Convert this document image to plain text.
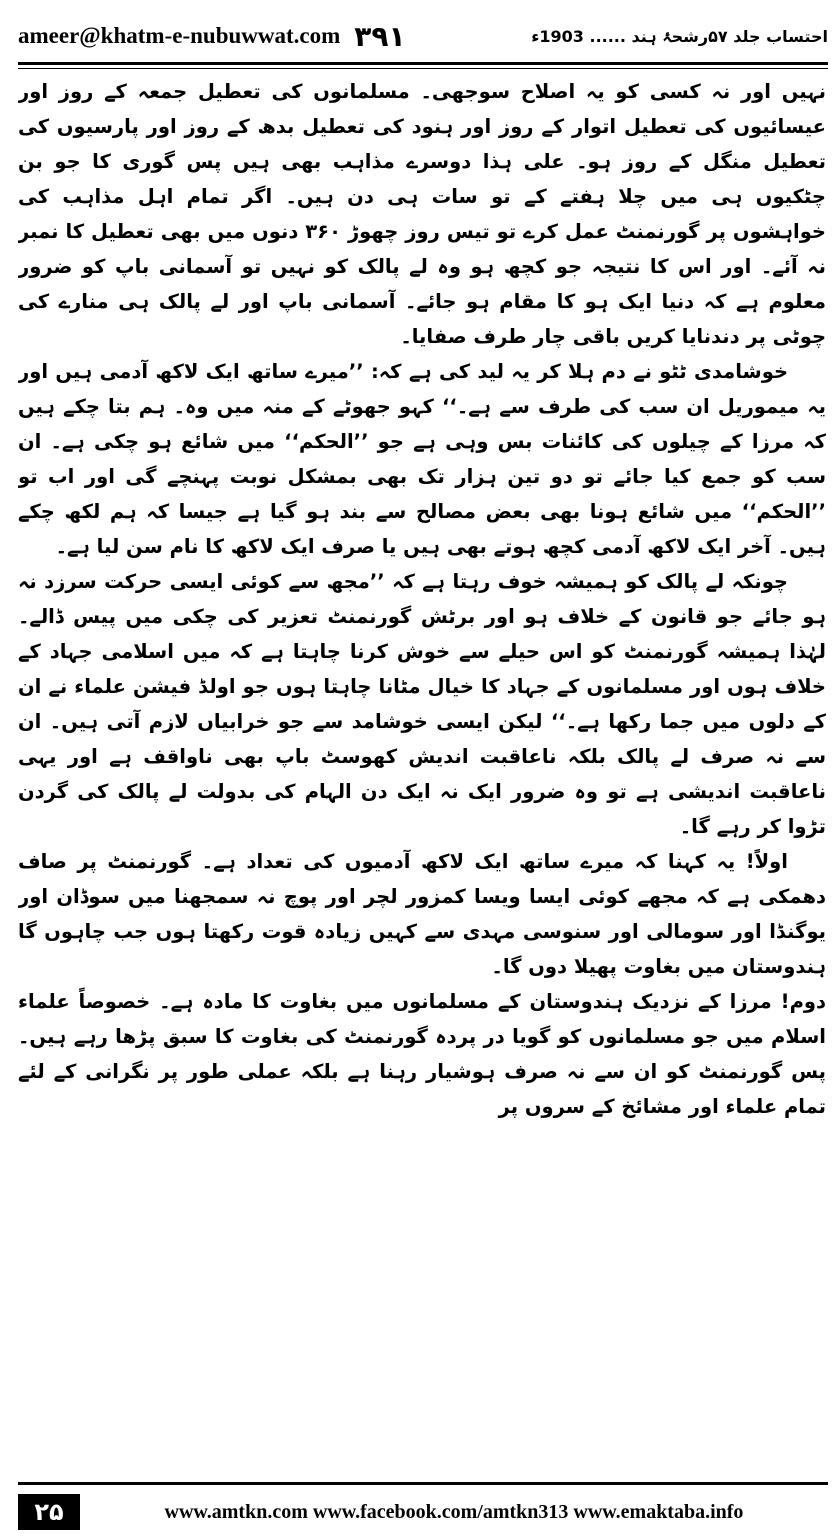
ameer@khatm-e-nubuwwat.com ۳۹۱	احتساب جلد ۵۷رشحۂ ہند ...... 1903ء

نہیں اور نہ کسی کو یہ اصلاح سوجھی۔ مسلمانوں کی تعطیل جمعہ کے روز اور عیسائیوں کی تعطیل اتوار کے روز اور ہنود کی تعطیل بدھ کے روز اور پارسیوں کی تعطیل منگل کے روز ہو۔ علی ہذا دوسرے مذاہب بھی ہیں پس گوری کا جو بن چٹکیوں ہی میں چلا ہفتے کے تو سات ہی دن ہیں۔ اگر تمام اہل مذاہب کی خواہشوں پر گورنمنٹ عمل کرے تو تیس روز چھوڑ ۳۶۰ دنوں میں بھی تعطیل کا نمبر نہ آئے۔ اور اس کا نتیجہ جو کچھ ہو وہ لے پالک کو نہیں تو آسمانی باپ کو ضرور معلوم ہے کہ دنیا ایک ہو کا مقام ہو جائے۔ آسمانی باپ اور لے پالک ہی منارے کی چوٹی پر دندنایا کریں باقی چار طرف صفایا۔

خوشامدی ٹٹو نے دم ہلا کر یہ لید کی ہے کہ: ’’میرے ساتھ ایک لاکھ آدمی ہیں اور یہ میموریل ان سب کی طرف سے ہے۔‘‘ کہو جھوٹے کے منہ میں وہ۔ ہم بتا چکے ہیں کہ مرزا کے چیلوں کی کائنات بس وہی ہے جو ’’الحکم‘‘ میں شائع ہو چکی ہے۔ ان سب کو جمع کیا جائے تو دو تین ہزار تک بھی بمشکل نوبت پہنچے گی اور اب تو ’’الحکم‘‘ میں شائع ہونا بھی بعض مصالح سے بند ہو گیا ہے جیسا کہ ہم لکھ چکے ہیں۔ آخر ایک لاکھ آدمی کچھ ہوتے بھی ہیں یا صرف ایک لاکھ کا نام سن لیا ہے۔

چونکہ لے پالک کو ہمیشہ خوف رہتا ہے کہ ’’مجھ سے کوئی ایسی حرکت سرزد نہ ہو جائے جو قانون کے خلاف ہو اور برٹش گورنمنٹ تعزیر کی چکی میں پیس ڈالے۔ لہٰذا ہمیشہ گورنمنٹ کو اس حیلے سے خوش کرنا چاہتا ہے کہ میں اسلامی جہاد کے خلاف ہوں اور مسلمانوں کے جہاد کا خیال مٹانا چاہتا ہوں جو اولڈ فیشن علماء نے ان کے دلوں میں جما رکھا ہے۔‘‘ لیکن ایسی خوشامد سے جو خرابیاں لازم آتی ہیں۔ ان سے نہ صرف لے پالک بلکہ ناعاقبت اندیش کھوسٹ باپ بھی ناواقف ہے اور یہی ناعاقبت اندیشی ہے تو وہ ضرور ایک نہ ایک دن الہام کی بدولت لے پالک کی گردن تڑوا کر رہے گا۔

اولاً! یہ کہنا کہ میرے ساتھ ایک لاکھ آدمیوں کی تعداد ہے۔ گورنمنٹ پر صاف دھمکی ہے کہ مجھے کوئی ایسا ویسا کمزور لچر اور پوچ نہ سمجھنا میں سوڈان اور یوگنڈا اور سومالی اور سنوسی مہدی سے کہیں زیادہ قوت رکھتا ہوں جب چاہوں گا ہندوستان میں بغاوت پھیلا دوں گا۔

دوم! مرزا کے نزدیک ہندوستان کے مسلمانوں میں بغاوت کا مادہ ہے۔ خصوصاً علماء اسلام میں جو مسلمانوں کو گویا در پردہ گورنمنٹ کی بغاوت کا سبق پڑھا رہے ہیں۔ پس گورنمنٹ کو ان سے نہ صرف ہوشیار رہنا ہے بلکہ عملی طور پر نگرانی کے لئے تمام علماء اور مشائخ کے سروں پر

۲۵	www.amtkn.com www.facebook.com/amtkn313 www.emaktaba.info
